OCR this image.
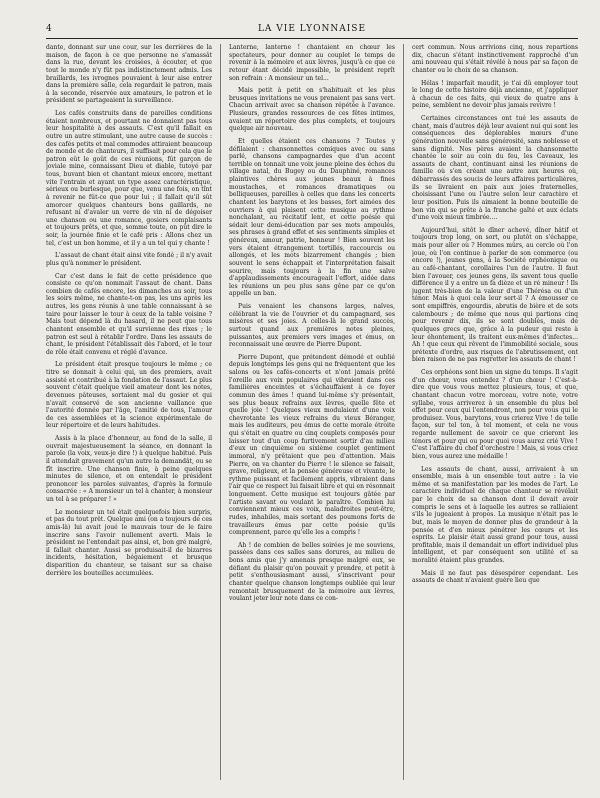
4	LA VIE LYONNAISE

dante, donnant sur une cour, sur les derrières de la maison, de façon à ce que personne ne s'amassât dans la rue, devant les croisées, à écouter, et que tout le monde n'y fût pas indistinctement admis. Les braillards, les ivrognes pouvaient à leur aise entrer dans la première salle, cela regardait le patron, mais à la seconde, réservée aux amateurs, le patron et le président se partageaient la surveillance.

Les cafés construits dans de pareilles conditions étaient nombreux, et pourtant ne donnaient pas tous leur hospitalité à des assauts. C'est qu'il fallait en outre un autre stimulant, une autre cause de succès : des cafés petits et mal commodes attiraient beaucoup de monde et de chanteurs, il suffisait pour cela que le patron eût le goût de ces réunions, fût garçon de joviale mine, connaissant Dieu et diable, tutoyé par tous, buvant bien et chantant mieux encore, mettant vite l'entrain et ayant un type assez caractéristique, sérieux ou burlesque, pour que, venu une fois, on tînt à revenir ne fût-ce que pour lui ; il fallait qu'il sût amorcer quelques chanteurs bons gaillards, ne refusant ni d'avaler un verre de vin ni de dégoiser une chanson ou une romance, gosiers complaisants et toujours prêts, et que, somme toute, on pût dire le soir, la journée finie et le café pris : Allons chez un tel, c'est un bon homme, et il y a un tel qui y chante !

L'assaut de chant était ainsi vite fondé ; il n'y avait plus qu'à nommer le président.

Car c'est dans le fait de cette présidence que consiste ce qu'on nommait l'assaut de chant. Dans combien de cafés encore, les dimanches au soir, tous les soirs même, ne chante-t-on pas, les uns après les autres, les gens réunis à une table connaissant à se taire pour laisser le tour à ceux de la table voisine ? Mais tout dépend là du hasard, il ne peut que tous chantent ensemble et qu'il survienne des rixes ; le patron est seul à rétablir l'ordre. Dans les assauts de chant, le président l'établissait dès l'abord, et le tour de rôle était convenu et réglé d'avance.

Le président était presque toujours le même ; ce titre se donnait à celui qui, un des premiers, avait assisté et contribué à la fondation de l'assaut. Le plus souvent c'était quelque vieil amateur dont les notes, devenues pâteuses, sortaient mal du gosier et qui n'avait conservé de son ancienne vaillance que l'autorité donnée par l'âge, l'amitié de tous, l'amour de ces assemblées et la science expérimentale de leur répertoire et de leurs habitudes.

Assis à la place d'honneur, au fond de la salle, il ouvrait majestueusement la séance, en donnant la parole (la voix, veux-je dire !) à quelque habitué. Puis il attendait gravement qu'un autre la demandât, ou se fît inscrire. Une chanson finie, à peine quelques minutes de silence, et on entendait le président prononcer les paroles suivantes, d'après la formule consacrée : « A monsieur un tel à chanter, à monsieur un tel à se préparer ! »

Le monsieur un tel était quelquefois bien surpris, et pas du tout prêt. Quelque ami (on a toujours de ces amis-là) lui avait joué le mauvais tour de le faire inscrire sans l'avoir nullement averti. Mais le président ne l'entendait pas ainsi, et, bon gré malgré, il fallait chanter. Aussi se produisait-il de bizarres incidents, hésitation, bégaiement et brusque disparition du chanteur, se taisant sur sa chaise derrière les bouteilles accumulées.

Lanterne, lanterne ! chantaient en chœur les spectateurs, pour donner au couplet le temps de revenir à la mémoire et aux lèvres, jusqu'à ce que ce retour étant décidé impossible, le président reprît son refrain : A monsieur un tel...

Mais petit à petit on s'habituait et les plus brusques invitations ne vous prenaient pas sans vert. Chacun arrivait avec sa chanson répétée à l'avance. Plusieurs, grandes ressources de ces fêtes intimes, avaient un répertoire des plus complets, et toujours quelque air nouveau.

Et quelles étaient ces chansons ? Toutes y défilaient : chansonnettes comiques avec ou sans parlé, chansons campagnardes que d'un accent terrible on tonnait une voix jeune pleine des échos du village natal, du Bugey ou du Dauphiné, romances plaintives chères aux jeunes beaux à fines moustaches, et romances dramatiques ou belliqueuses, pareilles à celles que dans les concerts chantent les barytons et les basses, fort aimées des ouvriers à qui plaisent cette musique au rythme nonchalant, au récitatif lent, et cette poésie qui sédait leur demi-éducation par ses mots ampoulés, ses phrases à grand effet et ses sentiments simples et généreux, amour, patrie, honneur ! Bien souvent les vers étaient étrangement tortillés, raccourcis ou allongés, et les mots bizarrement changés ; bien souvent le sens échappait et l'interprétation faisait sourire, mais toujours à la fin une salve d'applaudissements encourageait l'effort, aidée dans les réunions un peu plus sans gêne par ce qu'on appelle un ban.

Puis venaient les chansons larges, naïves, célébrant la vie de l'ouvrier et du campagnard, ses misères et ses joies. A celles-là le grand succès, surtout quand aux premières notes pleines, puissantes, aux premiers vers images et émus, on reconnaissait une œuvre de Pierre Dupont.

Pierre Dupont, que prétendent démodé et oublié depuis longtemps les gens qui ne fréquentent que les salons ou les cafés-concerts et n'ont jamais prêté l'oreille aux voix populaires qui vibraient dans ces familières enceintes et s'échauffaient à ce foyer commun des âmes ! quand lui-même s'y présentait, ses plus beaux refrains aux lèvres, quelle fête et quelle joie ! Quelques vieux modulaient d'une voix chevrotante les vieux refrains du vieux Béranger, mais les auditeurs, peu émus de cette morale étroite qui s'était en quatre ou cinq couplets composés pour laisser tout d'un coup furtivement sortir d'au milieu d'eux un cinquième ou sixième couplet gentiment immoral, n'y prêtaient que peu d'attention. Mais Pierre, on va chanter du Pierre ! le silence se faisait, grave, religieux, et la pensée généreuse et vivante, le rythme puissant et facilement appris, vibraient dans l'air que ce respect lui faisait libre et qui en résonnait longuement. Cette musique est toujours gâtée par l'artiste savant ou voulant le paraître. Combien lui conviennent mieux ces voix, maladroites peut-être, rudes, inhabiles, mais sortant des poumons forts de travailleurs émus par cette poésie qu'ils comprennent, parce qu'elle les a compris !

Ah ! de combien de belles soirées je me souviens, passées dans ces salles sans dorures, au milieu de bons amis que j'y amenais presque malgré eux, se défiant du plaisir qu'on pouvait y prendre, et petit à petit s'enthousiasmant aussi, s'inscrivant pour chanter quelque chanson longtemps oubliée qui leur remontait brusquement de la mémoire aux lèvres, voulant jeter leur note dans ce con-

cert commun. Nous arrivions cinq, nous repartions dix, chacun s'étant instinctivement rapproché d'un ami nouveau qui s'était révélé à nous par sa façon de chanter ou le choix de sa chanson.

Hélas ! imparfait maudit, je t'ai dû employer tout le long de cette histoire déjà ancienne, et j'appliquer à chacun de ces faits, qui vieux de quatre ans à peine, semblent ne devoir plus jamais revivre !

Certaines circonstances ont tué les assauts de chant, mais d'autres déjà leur avaient nui qui sont les conséquences des déplorables mœurs d'une génération nouvelle sans générosité, sans noblesse et sans dignité. Nos pères avaient la chansonnette chantée le soir au coin du feu, les Caveaux, les assauts de chant, continuant ainsi les réunions de famille où s'en créant une autre aux heures où, débarrassés des soucis de leurs affaires particulières, ils se livraient en paix aux joies fraternelles, choisissant l'une ou l'autre selon leur caractère et leur position. Puis ils aimaient la bonne bouteille de bon vin qui se prête à la franche gaîté et aux éclats d'une voix mieux timbrée....

Aujourd'hui, sitôt le dîner achevé, dîner hâtif et toujours trop long, on sort, ou plutôt on s'échappe, mais pour aller où ? Hommes mûrs, au cercle où l'on joue, où l'on continue à parler de son commerce (ou encore !), jeunes gens, à la Société orphéonique ou au café-chantant, corollaires l'un de l'autre. Il faut bien l'avouer, ces jeunes gens, ils savent tous quelle différence il y a entre un fa dièze et un ré mineur ! Ils jugent très-bien de la valeur d'une Thérésa ou d'un ténor. Mais à quoi cela leur sert-il ? A émousser ce sont empiffrés, engourdis, abrutis de bière et de sots calembours ; de même que nous qui partions cinq pour revenir dix, ils se sont doublés, mais de quelques grecs que, grâce à la pudeur qui reste à leur éhontement, ils traitent eux-mêmes d'infectes... Ah ! que ceux qui rêvent de l'immobilité sociale, sous prétexte d'ordre, aux risques de l'abrutissement, ont bien raison de ne pas regretter les assauts de chant !

Ces orphéons sont bien un signe du temps. Il s'agit d'un chœur, vous entendez ? d'un chœur ! C'est-à-dire que vous vous mettez plusieurs, tous, et que, chantant chacun votre morceau, votre note, votre syllabe, vous arriverez à un ensemble du plus bel effet pour ceux qui l'entendront, non pour vous qui le produisez. Vous, barytons, vous crierez Vive ! de telle façon, sur tel ton, à tel moment, et cela ne vous regarde nullement de savoir ce que crieront les ténors et pour qui ou pour quoi vous aurez crié Vive ! C'est l'affaire du chef d'orchestre ! Mais, si vous criez bien, vous aurez une médaille !

Les assauts de chant, aussi, arrivaient à un ensemble, mais à un ensemble tout autre : la vie même et sa manifestation par les modes de l'art. Le caractère individuel de chaque chanteur se révélait par le choix de sa chanson dont il devait avoir compris le sens et à laquelle les autres se ralliaient s'ils le jugeaient à propos. La musique n'était pas le but, mais le moyen de donner plus de grandeur à la pensée et d'en mieux pénétrer les cœurs et les esprits. Le plaisir était aussi grand pour tous, aussi profitable, mais il demandait un effort individuel plus intelligent, et par conséquent son utilité et sa moralité étaient plus grandes.

Mais il ne faut pas désespérer cependant. Les assauts de chant n'avaient guère lieu que
